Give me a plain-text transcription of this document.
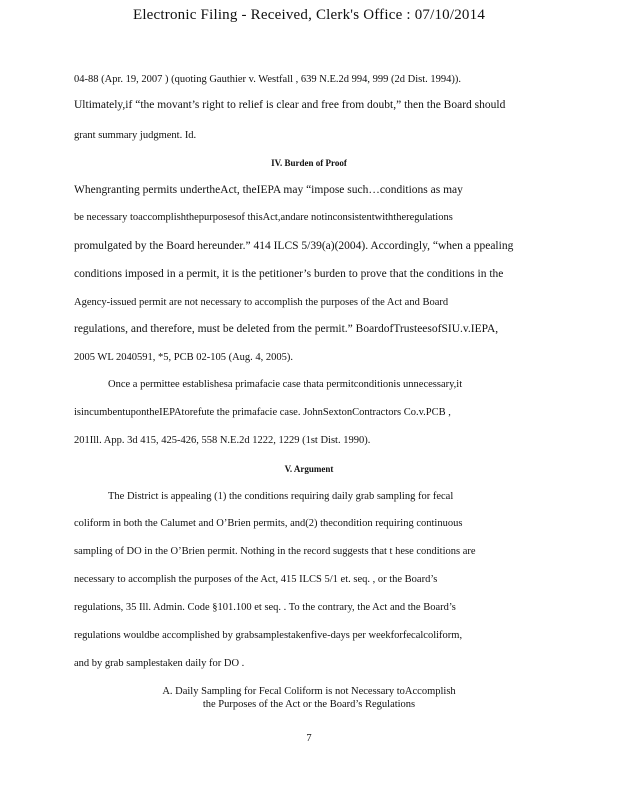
Electronic Filing - Received, Clerk's Office : 07/10/2014
04-88 (Apr. 19, 2007 ) (quoting Gauthier v. Westfall , 639 N.E.2d 994, 999 (2d Dist. 1994)).
Ultimately,if “the movant’s right to relief is clear and free from doubt,” then the Board should
grant summary judgment. Id.
IV. Burden of Proof
Whengranting permits undertheAct, theIEPA may “impose such…conditions as may
be necessary toaccomplishthepurposesof thisAct,andare notinconsistentwiththeregulations
promulgated by the Board hereunder.” 414 ILCS 5/39(a)(2004). Accordingly, “when a ppealing
conditions imposed in a permit, it is the petitioner’s burden to prove that the conditions in the
Agency-issued permit are not necessary to accomplish the purposes of the Act and Board
regulations, and therefore, must be deleted from the permit.” BoardofTrusteesofSIU.v.IEPA,
2005 WL 2040591, *5, PCB 02-105 (Aug. 4, 2005).
Once a permittee establishesa primafacie case thata permitconditionis unnecessary,it
isincumbentupontheIEPAtorefute the primafacie case. JohnSextonContractors Co.v.PCB ,
201Ill. App. 3d 415, 425-426, 558 N.E.2d 1222, 1229 (1st Dist. 1990).
V. Argument
The District is appealing (1) the conditions requiring daily grab sampling for fecal
coliform in both the Calumet and O’Brien permits, and(2) thecondition requiring continuous
sampling of DO in the O’Brien permit. Nothing in the record suggests that t hese conditions are
necessary to accomplish the purposes of the Act, 415 ILCS 5/1 et. seq. , or the Board’s
regulations, 35 Ill. Admin. Code §101.100 et seq. . To the contrary, the Act and the Board’s
regulations wouldbe accomplished by grabsamplestakenfive-days per weekforfecalcoliform,
and by grab samplestaken daily for DO .
A. Daily Sampling for Fecal Coliform is not Necessary toAccomplish
the Purposes of the Act or the Board’s Regulations
7
